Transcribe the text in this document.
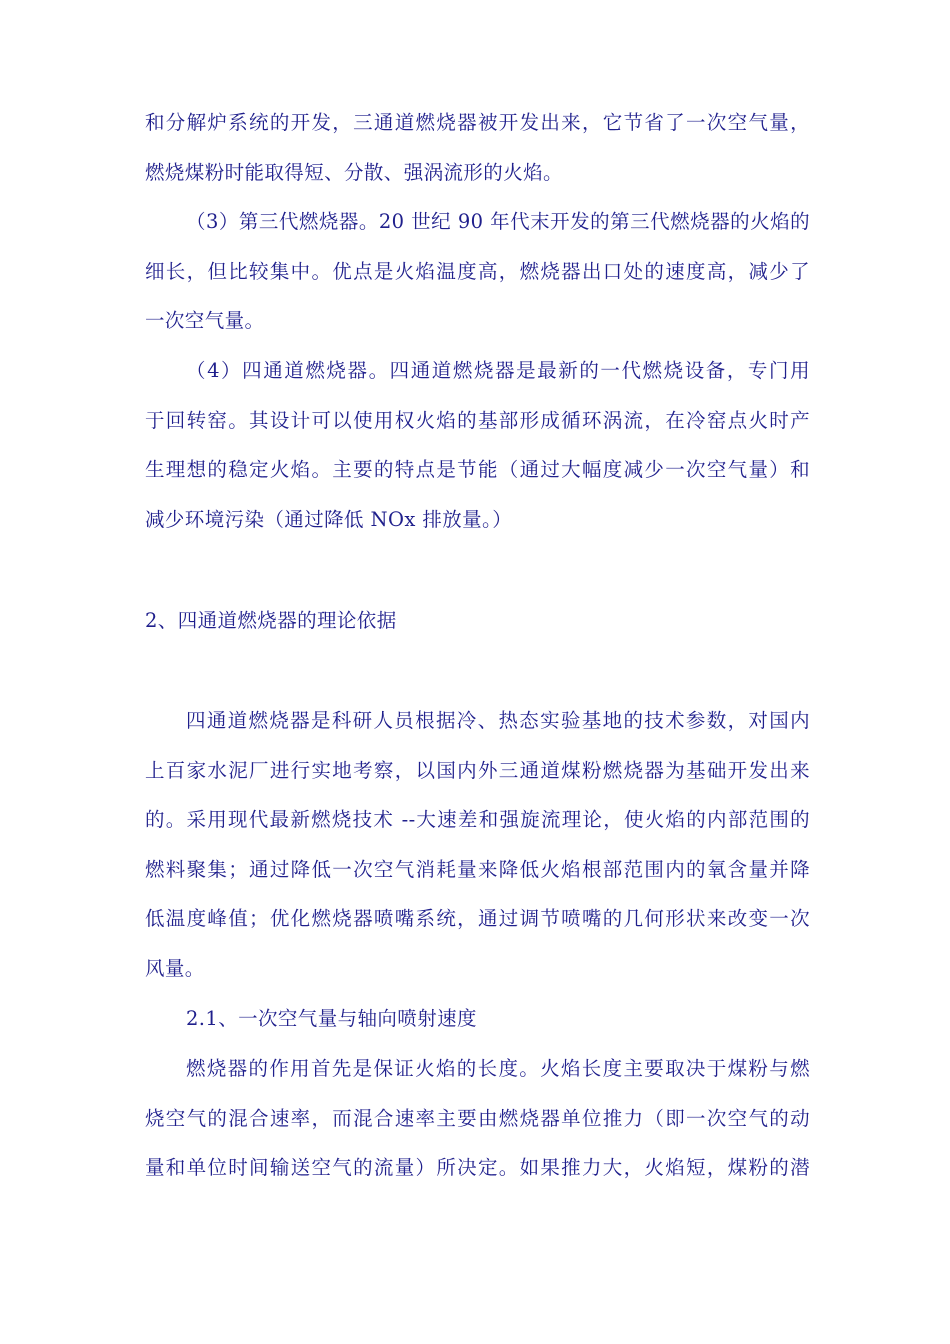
和分解炉系统的开发，三通道燃烧器被开发出来，它节省了一次空气量，
燃烧煤粉时能取得短、分散、强涡流形的火焰。
（3）第三代燃烧器。20 世纪 90 年代末开发的第三代燃烧器的火焰的
细长，但比较集中。优点是火焰温度高，燃烧器出口处的速度高，减少了
一次空气量。
（4）四通道燃烧器。四通道燃烧器是最新的一代燃烧设备，专门用
于回转窑。其设计可以使用权火焰的基部形成循环涡流，在冷窑点火时产
生理想的稳定火焰。主要的特点是节能（通过大幅度减少一次空气量）和
减少环境污染（通过降低 NOx 排放量。）
2、四通道燃烧器的理论依据
四通道燃烧器是科研人员根据冷、热态实验基地的技术参数，对国内
上百家水泥厂进行实地考察，以国内外三通道煤粉燃烧器为基础开发出来
的。采用现代最新燃烧技术 --大速差和强旋流理论，使火焰的内部范围的
燃料聚集；通过降低一次空气消耗量来降低火焰根部范围内的氧含量并降
低温度峰值；优化燃烧器喷嘴系统，通过调节喷嘴的几何形状来改变一次
风量。
2.1、一次空气量与轴向喷射速度
燃烧器的作用首先是保证火焰的长度。火焰长度主要取决于煤粉与燃
烧空气的混合速率，而混合速率主要由燃烧器单位推力（即一次空气的动
量和单位时间输送空气的流量）所决定。如果推力大，火焰短，煤粉的潜
